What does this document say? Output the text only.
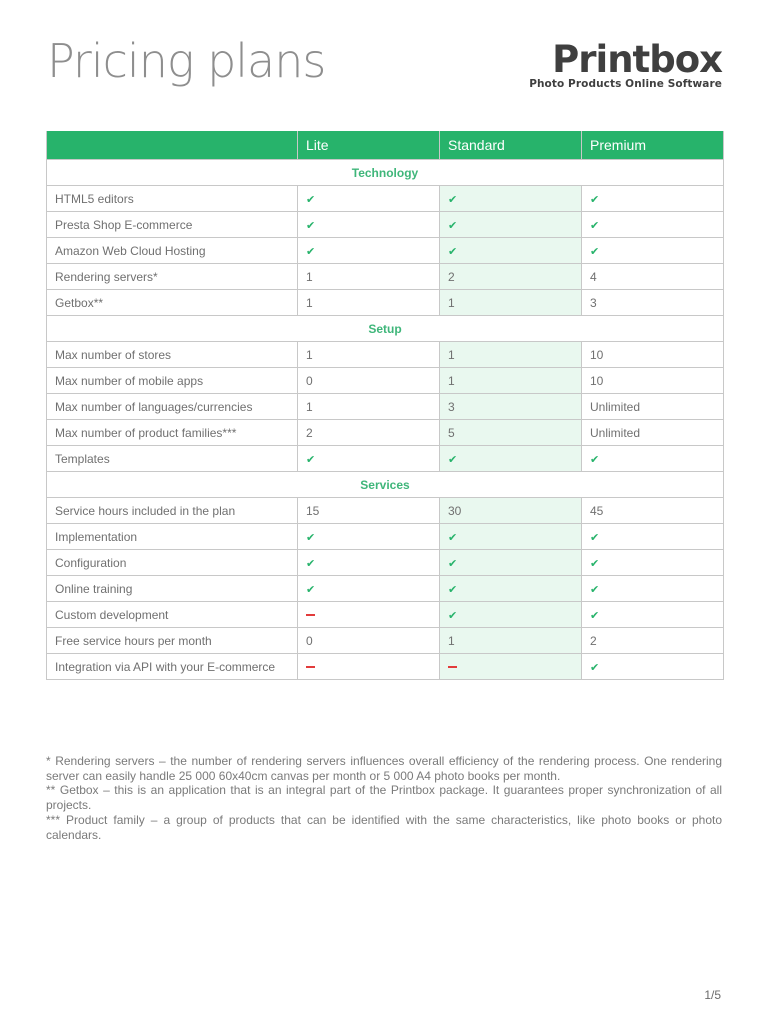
Pricing plans	Printbox
Photo Products Online Software
	Lite	Standard	Premium
Technology			
HTML5 editors	✔	✔	✔
Presta Shop E-commerce	✔	✔	✔
Amazon Web Cloud Hosting	✔	✔	✔
Rendering servers*	1	2	4
Getbox**	1	1	3
Setup			
Max number of stores	1	1	10
Max number of mobile apps	0	1	10
Max number of languages/currencies	1	3	Unlimited
Max number of product families***	2	5	Unlimited
Templates	✔	✔	✔
Services			
Service hours included in the plan	15	30	45
Implementation	✔	✔	✔
Configuration	✔	✔	✔
Online training	✔	✔	✔
Custom development		✔	✔
Free service hours per month	0	1	2
Integration via API with your E-commerce			✔

* Rendering servers – the number of rendering servers influences overall efficiency of the rendering process. One rendering server can easily handle 25 000 60x40cm canvas per month or 5 000 A4 photo books per month.

** Getbox – this is an application that is an integral part of the Printbox package. It guarantees proper synchronization of all projects.

*** Product family – a group of products that can be identified with the same characteristics, like photo books or photo calendars.

1/5
